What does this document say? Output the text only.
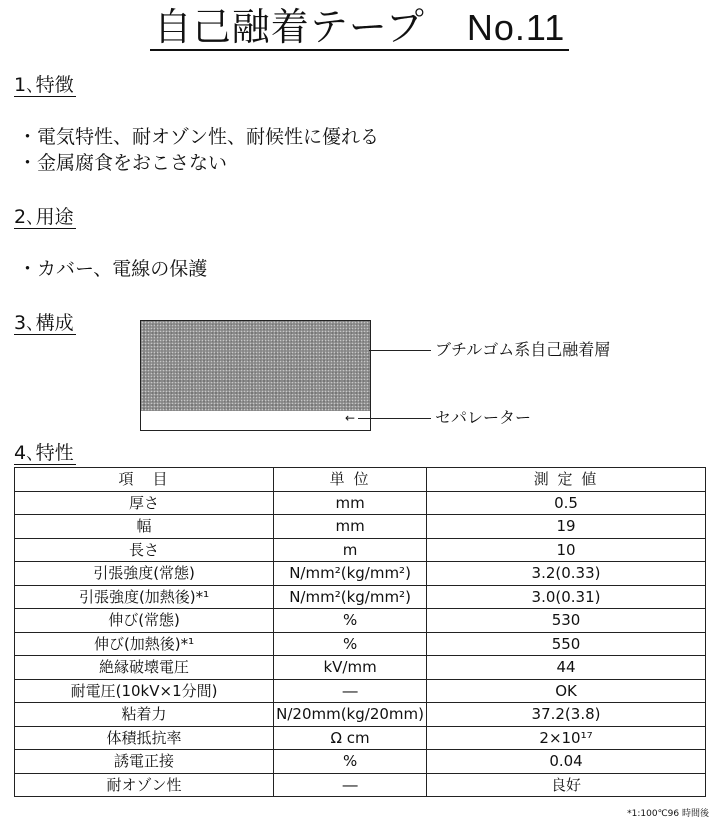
自己融着テープ No.11
1､特徴
・電気特性、耐オゾン性、耐候性に優れる
・金属腐食をおこさない
2､用途
・カバー、電線の保護
3､構成
ブチルゴム系自己融着層
←	セパレーター
4､特性
項　目	単 位	測 定 値
厚さ	mm	0.5
幅	mm	19
長さ	m	10
引張強度(常態)	N/mm²(kg/mm²)	3.2(0.33)
引張強度(加熱後)*¹	N/mm²(kg/mm²)	3.0(0.31)
伸び(常態)	%	530
伸び(加熱後)*¹	%	550
絶縁破壊電圧	kV/mm	44
耐電圧(10kV×1分間)	―	OK
粘着力	N/20mm(kg/20mm)	37.2(3.8)
体積抵抗率	Ω cm	2×10¹⁷
誘電正接	%	0.04
耐オゾン性	―	良好
*1:100℃96 時間後
